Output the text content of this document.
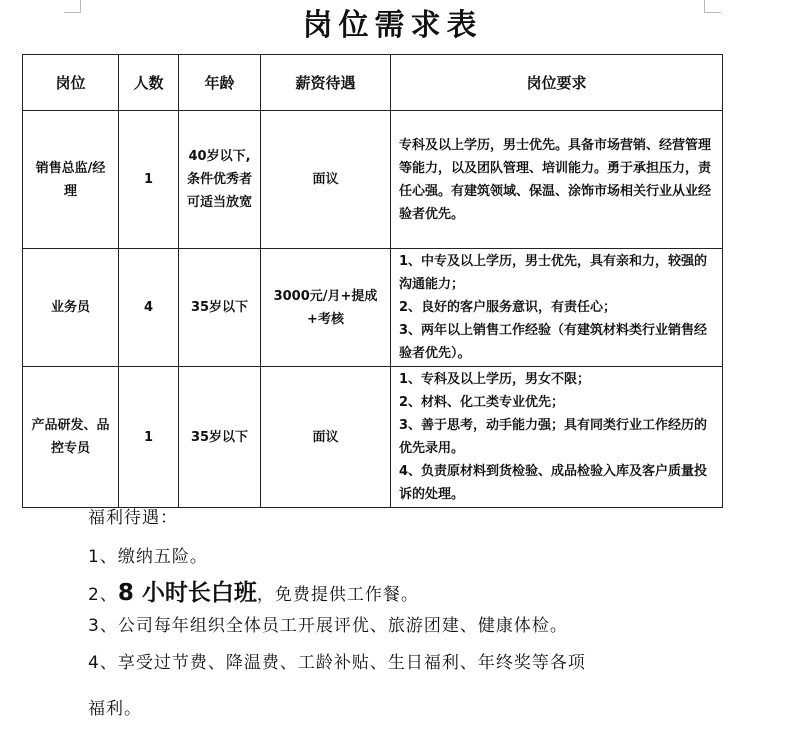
岗位需求表
岗位	人数	年龄	薪资待遇	岗位要求
销售总监/经理	1	40岁以下,条件优秀者可适当放宽	面议	专科及以上学历，男士优先。具备市场营销、经营管理等能力，以及团队管理、培训能力。勇于承担压力，责任心强。有建筑领域、保温、涂饰市场相关行业从业经验者优先。

业务员	4	35岁以下	3000元/月+提成+考核	1、中专及以上学历，男士优先，具有亲和力，较强的沟通能力；
2、良好的客户服务意识，有责任心；
3、两年以上销售工作经验（有建筑材料类行业销售经验者优先）。

产品研发、品控专员	1	35岁以下	面议	1、专科及以上学历，男女不限；
2、材料、化工类专业优先；
3、善于思考，动手能力强；具有同类行业工作经历的优先录用。
4、负责原材料到货检验、成品检验入库及客户质量投诉的处理。
福利待遇：
1、缴纳五险。
2、8 小时长白班，免费提供工作餐。
3、公司每年组织全体员工开展评优、旅游团建、健康体检。
4、享受过节费、降温费、工龄补贴、生日福利、年终奖等各项
福利。
